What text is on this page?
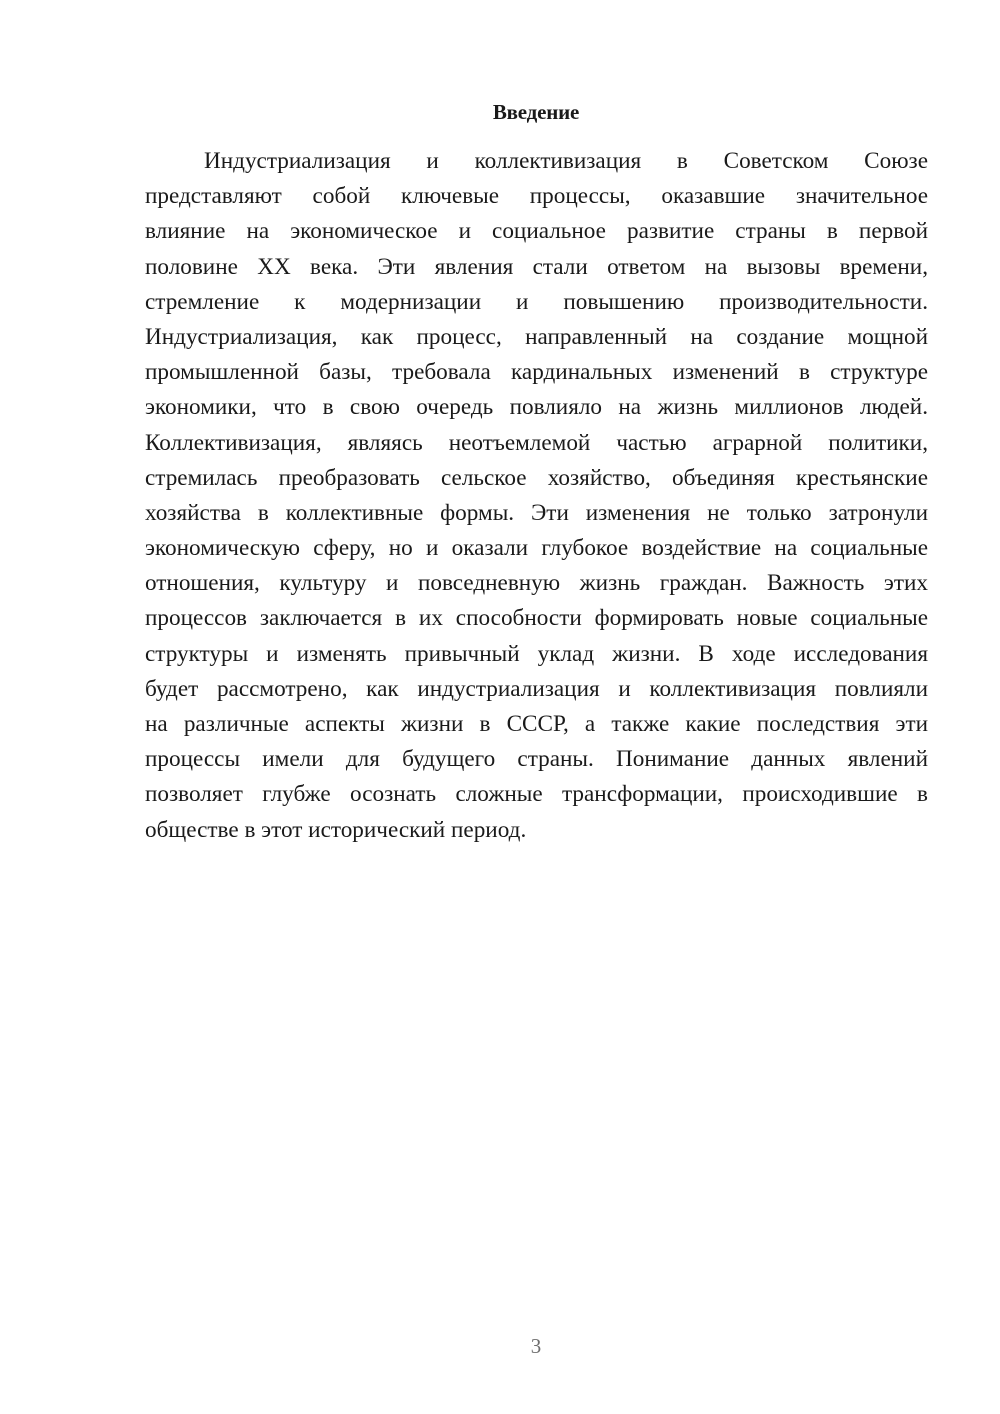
Введение
Индустриализация и коллективизация в Советском Союзе
представляют собой ключевые процессы, оказавшие значительное
влияние на экономическое и социальное развитие страны в первой
половине XX века. Эти явления стали ответом на вызовы времени,
стремление к модернизации и повышению производительности.
Индустриализация, как процесс, направленный на создание мощной
промышленной базы, требовала кардинальных изменений в структуре
экономики, что в свою очередь повлияло на жизнь миллионов людей.
Коллективизация, являясь неотъемлемой частью аграрной политики,
стремилась преобразовать сельское хозяйство, объединяя крестьянские
хозяйства в коллективные формы. Эти изменения не только затронули
экономическую сферу, но и оказали глубокое воздействие на социальные
отношения, культуру и повседневную жизнь граждан. Важность этих
процессов заключается в их способности формировать новые социальные
структуры и изменять привычный уклад жизни. В ходе исследования
будет рассмотрено, как индустриализация и коллективизация повлияли
на различные аспекты жизни в СССР, а также какие последствия эти
процессы имели для будущего страны. Понимание данных явлений
позволяет глубже осознать сложные трансформации, происходившие в
обществе в этот исторический период.
3
